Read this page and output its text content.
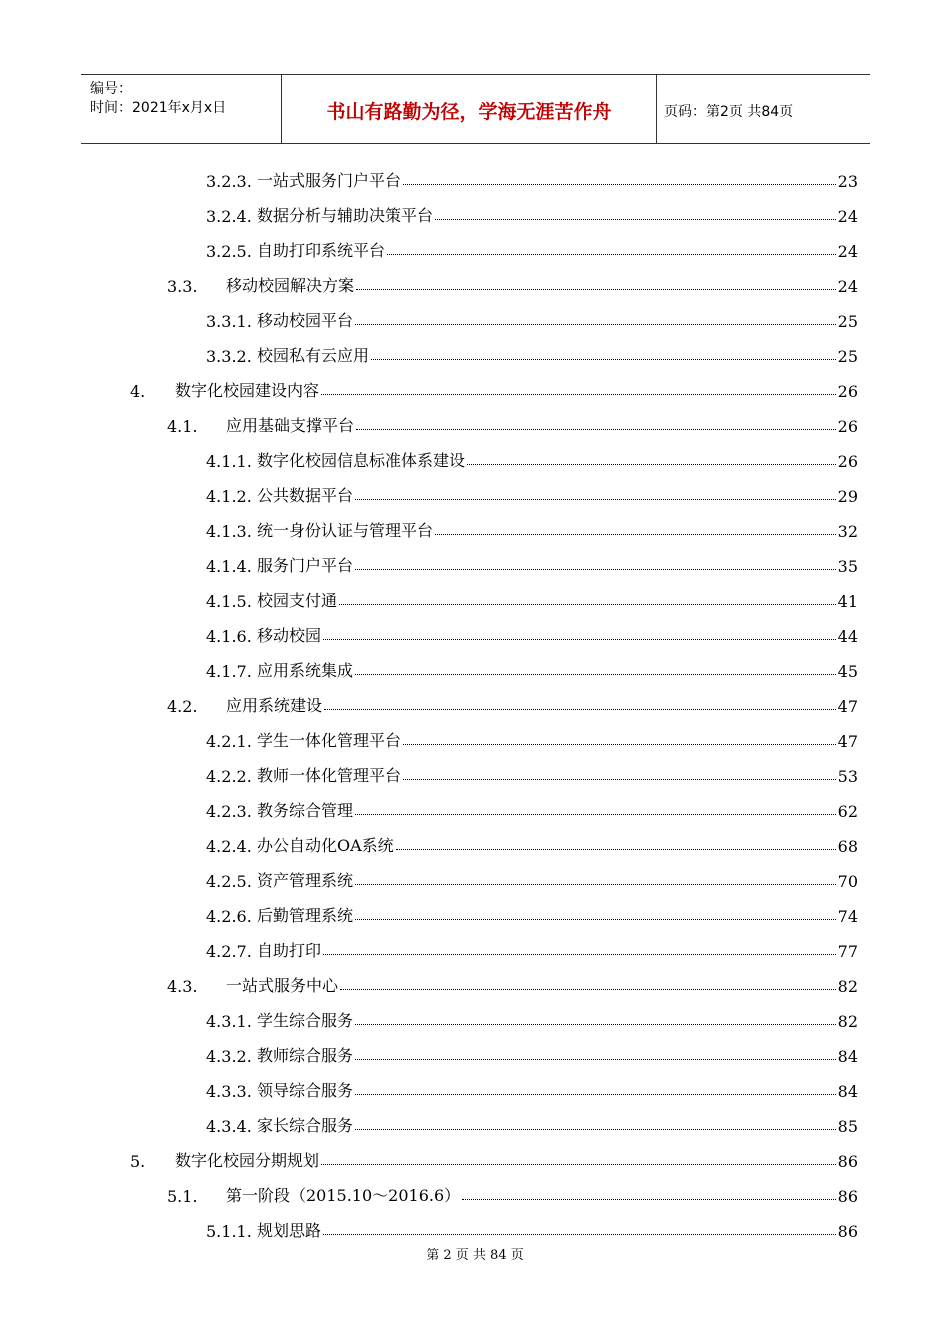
编号：
时间：2021年x月x日	书山有路勤为径，学海无涯苦作舟	页码：第2页 共84页
3.2.3. 一站式服务门户平台	23
3.2.4. 数据分析与辅助决策平台	24
3.2.5. 自助打印系统平台	24
3.3.	移动校园解决方案	24
3.3.1. 移动校园平台	25
3.3.2. 校园私有云应用	25
4.	数字化校园建设内容	26
4.1.	应用基础支撑平台	26
4.1.1. 数字化校园信息标准体系建设	26
4.1.2. 公共数据平台	29
4.1.3. 统一身份认证与管理平台	32
4.1.4. 服务门户平台	35
4.1.5. 校园支付通	41
4.1.6. 移动校园	44
4.1.7. 应用系统集成	45
4.2.	应用系统建设	47
4.2.1. 学生一体化管理平台	47
4.2.2. 教师一体化管理平台	53
4.2.3. 教务综合管理	62
4.2.4. 办公自动化OA系统	68
4.2.5. 资产管理系统	70
4.2.6. 后勤管理系统	74
4.2.7. 自助打印	77
4.3.	一站式服务中心	82
4.3.1. 学生综合服务	82
4.3.2. 教师综合服务	84
4.3.3. 领导综合服务	84
4.3.4. 家长综合服务	85
5.	数字化校园分期规划	86
5.1.	第一阶段（2015.10～2016.6）	86
5.1.1. 规划思路	86
第 2 页 共 84 页
